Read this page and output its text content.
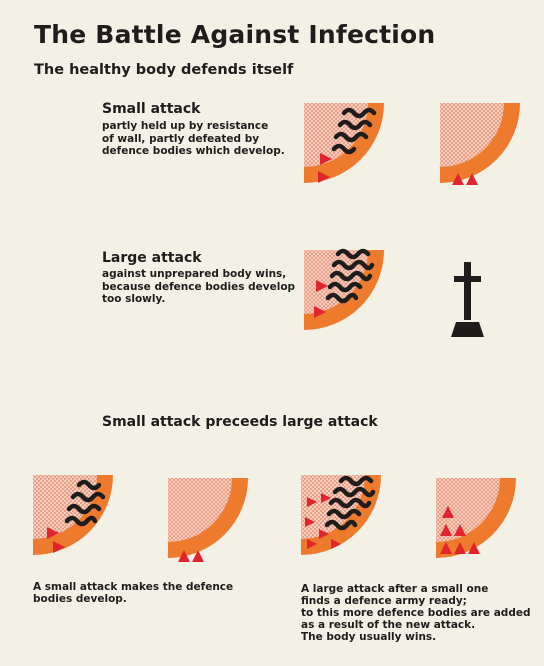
The Battle Against Infection
The healthy body defends itself
Small attack
partly held up by resistance
of wall, partly defeated by
defence bodies which develop.
Large attack
against unprepared body wins,
because defence bodies develop
too slowly.
Small attack preceeds large attack
A small attack makes the defence
bodies develop.
A large attack after a small one
finds a defence army ready;
to this more defence bodies are added
as a result of the new attack.
The body usually wins.
